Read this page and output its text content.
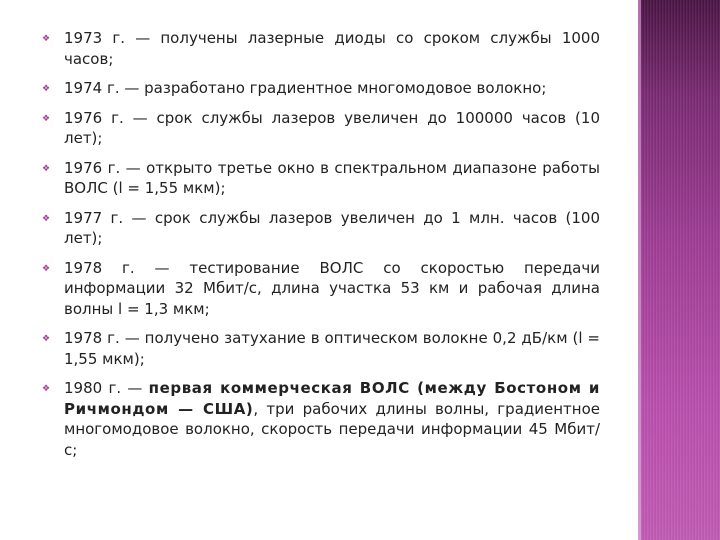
❖ 1973 г. — получены лазерные диоды со сроком службы 1000 часов;
❖ 1974 г. — разработано градиентное многомодовое волокно;
❖ 1976 г. — срок службы лазеров увеличен до 100000 часов (10 лет);
❖ 1976 г. — открыто третье окно в спектральном диапазоне работы ВОЛС (l = 1,55 мкм);
❖ 1977 г. — срок службы лазеров увеличен до 1 млн. часов (100 лет);
❖ 1978 г. — тестирование ВОЛС со скоростью передачи информации 32 Мбит/с, длина участка 53 км и рабочая длина волны l = 1,3 мкм;
❖ 1978 г. — получено затухание в оптическом волокне 0,2 дБ/км (l = 1,55 мкм);
❖ 1980 г. — первая коммерческая ВОЛС (между Бостоном и Ричмондом — США), три рабочих длины волны, градиентное многомодовое волокно, скорость передачи информации 45 Мбит/с;
